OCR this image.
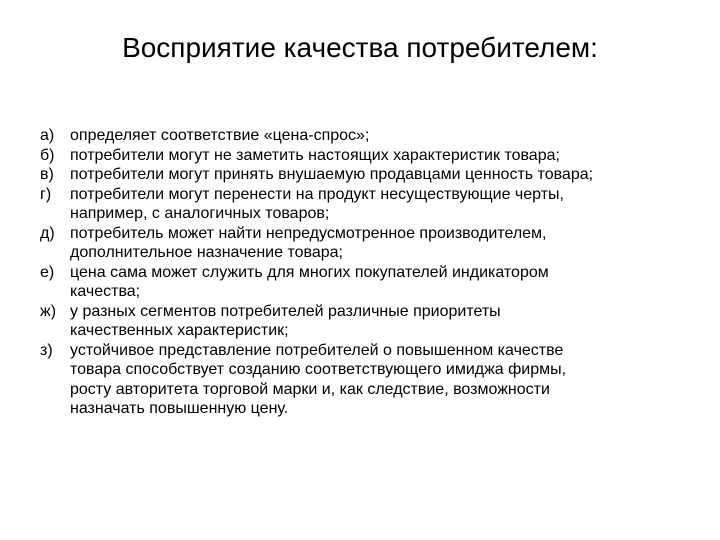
Восприятие качества потребителем:
а) определяет соответствие «цена-спрос»;
б) потребители могут не заметить настоящих характеристик товара;
в)	потребители могут принять внушаемую продавцами ценность товара;
г)	потребители могут перенести на продукт несуществующие черты,
например, с аналогичных товаров;
д) потребитель может найти непредусмотренное производителем,
дополнительное назначение товара;
е) цена сама может служить для многих покупателей индикатором
качества;
ж) у разных сегментов потребителей различные приоритеты
качественных характеристик;
з)	устойчивое представление потребителей о повышенном качестве
товара способствует созданию соответствующего имиджа фирмы,
росту авторитета торговой марки и, как следствие, возможности
назначать повышенную цену.
